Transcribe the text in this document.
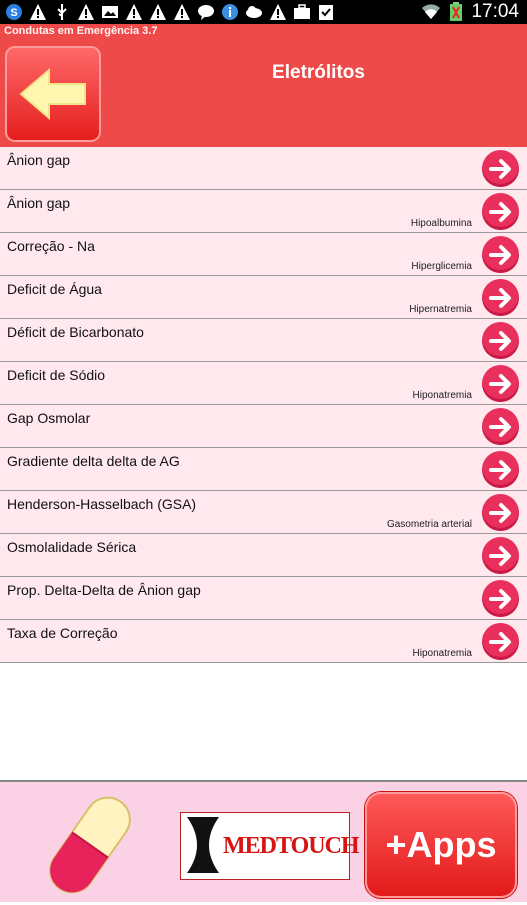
S	17:04
Condutas em Emergência 3.7
Eletrólitos
Ânion gap
Ânion gap
Hipoalbumina
Correção - Na
Hiperglicemia
Deficit de Água
Hipernatremia
Déficit de Bicarbonato
Deficit de Sódio
Hiponatremia
Gap Osmolar
Gradiente delta delta de AG
Henderson-Hasselbach (GSA)
Gasometria arterial
Osmolalidade Sérica
Prop. Delta-Delta de Ânion gap
Taxa de Correção
Hiponatremia
MEDTOUCH +Apps
